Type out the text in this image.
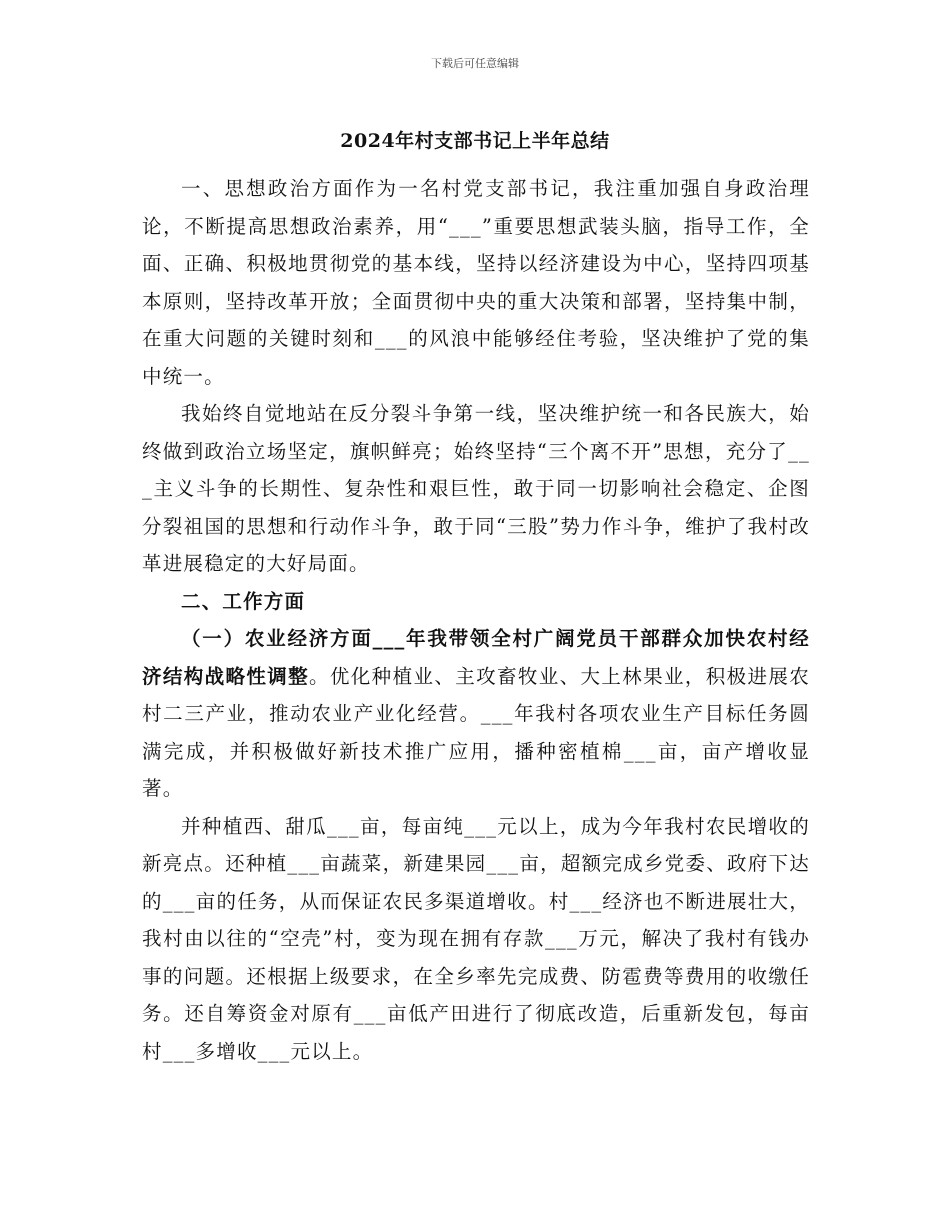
下载后可任意编辑
2024年村支部书记上半年总结

一、思想政治方面作为一名村党支部书记，我注重加强自身政治理论，不断提高思想政治素养，用“___”重要思想武装头脑，指导工作，全面、正确、积极地贯彻党的基本线，坚持以经济建设为中心，坚持四项基本原则，坚持改革开放；全面贯彻中央的重大决策和部署，坚持集中制，在重大问题的关键时刻和___的风浪中能够经住考验，坚决维护了党的集中统一。

我始终自觉地站在反分裂斗争第一线，坚决维护统一和各民族大，始终做到政治立场坚定，旗帜鲜亮；始终坚持“三个离不开”思想，充分了___主义斗争的长期性、复杂性和艰巨性，敢于同一切影响社会稳定、企图分裂祖国的思想和行动作斗争，敢于同“三股”势力作斗争，维护了我村改革进展稳定的大好局面。

二、工作方面

（一）农业经济方面___年我带领全村广阔党员干部群众加快农村经济结构战略性调整。优化种植业、主攻畜牧业、大上林果业，积极进展农村二三产业，推动农业产业化经营。___年我村各项农业生产目标任务圆满完成，并积极做好新技术推广应用，播种密植棉___亩，亩产增收显著。

并种植西、甜瓜___亩，每亩纯___元以上，成为今年我村农民增收的新亮点。还种植___亩蔬菜，新建果园___亩，超额完成乡党委、政府下达的___亩的任务，从而保证农民多渠道增收。村___经济也不断进展壮大，我村由以往的“空壳”村，变为现在拥有存款___万元，解决了我村有钱办事的问题。还根据上级要求，在全乡率先完成费、防雹费等费用的收缴任务。还自筹资金对原有___亩低产田进行了彻底改造，后重新发包，每亩村___多增收___元以上。
